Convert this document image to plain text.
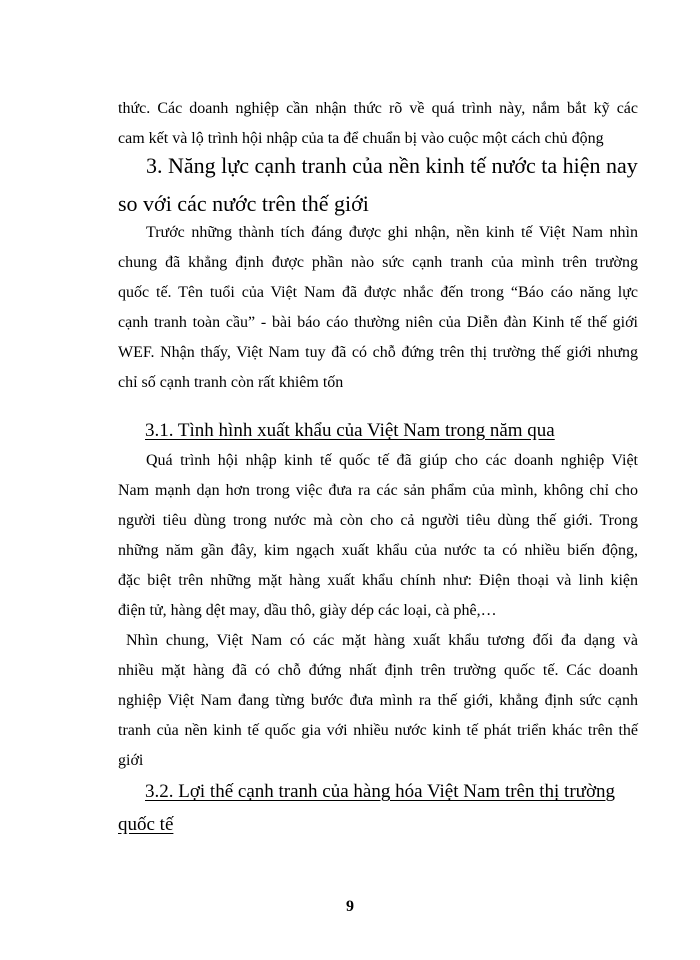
thức. Các doanh nghiệp cần nhận thức rõ về quá trình này, nắm bắt kỹ các
cam kết và lộ trình hội nhập của ta để chuẩn bị vào cuộc một cách chủ động

3. Năng lực cạnh tranh của nền kinh tế nước ta hiện nay
so với các nước trên thế giới

Trước những thành tích đáng được ghi nhận, nền kinh tế Việt Nam nhìn
chung đã khẳng định được phần nào sức cạnh tranh của mình trên trường
quốc tế. Tên tuổi của Việt Nam đã được nhắc đến trong “Báo cáo năng lực
cạnh tranh toàn cầu” - bài báo cáo thường niên của Diễn đàn Kinh tế thế giới
WEF. Nhận thấy, Việt Nam tuy đã có chỗ đứng trên thị trường thế giới nhưng
chỉ số cạnh tranh còn rất khiêm tốn

3.1. Tình hình xuất khẩu của Việt Nam trong năm qua

Quá trình hội nhập kinh tế quốc tế đã giúp cho các doanh nghiệp Việt
Nam mạnh dạn hơn trong việc đưa ra các sản phẩm của mình, không chỉ cho
người tiêu dùng trong nước mà còn cho cả người tiêu dùng thế giới. Trong
những năm gần đây, kim ngạch xuất khẩu của nước ta có nhiều biến động,
đặc biệt trên những mặt hàng xuất khẩu chính như: Điện thoại và linh kiện
điện tử, hàng dệt may, dầu thô, giày dép các loại, cà phê,…

Nhìn chung, Việt Nam có các mặt hàng xuất khẩu tương đối đa dạng và
nhiều mặt hàng đã có chỗ đứng nhất định trên trường quốc tế. Các doanh
nghiệp Việt Nam đang từng bước đưa mình ra thế giới, khẳng định sức cạnh
tranh của nền kinh tế quốc gia với nhiều nước kinh tế phát triển khác trên thế
giới

3.2. Lợi thế cạnh tranh của hàng hóa Việt Nam trên thị trường
quốc tế
9
